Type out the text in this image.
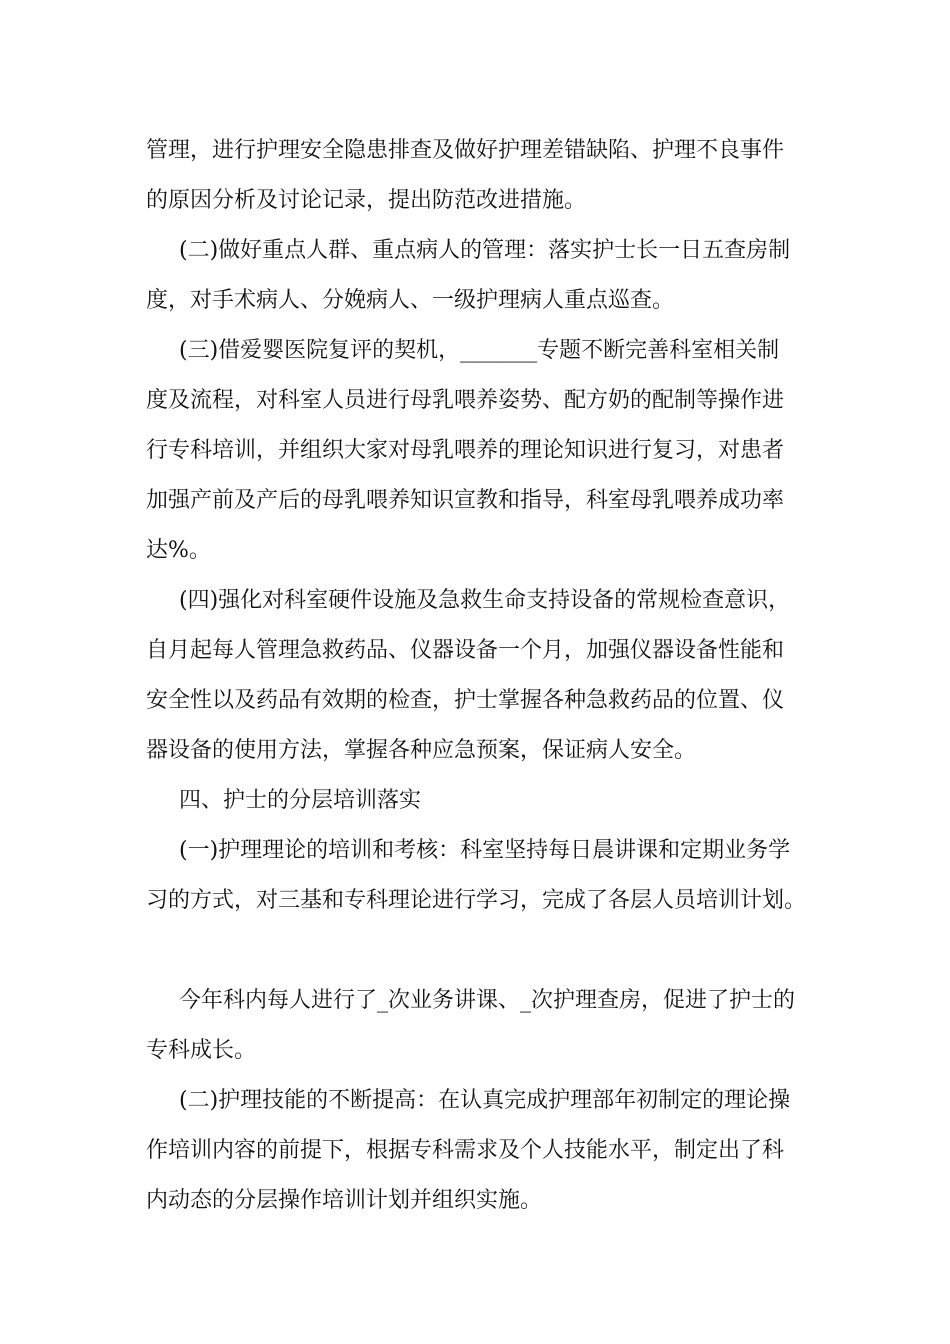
管理，进行护理安全隐患排查及做好护理差错缺陷、护理不良事件

的原因分析及讨论记录，提出防范改进措施。

(二)做好重点人群、重点病人的管理：落实护士长一日五查房制

度，对手术病人、分娩病人、一级护理病人重点巡查。

(三)借爱婴医院复评的契机，_______专题不断完善科室相关制

度及流程，对科室人员进行母乳喂养姿势、配方奶的配制等操作进

行专科培训，并组织大家对母乳喂养的理论知识进行复习，对患者

加强产前及产后的母乳喂养知识宣教和指导，科室母乳喂养成功率

达%。

(四)强化对科室硬件设施及急救生命支持设备的常规检查意识，

自月起每人管理急救药品、仪器设备一个月，加强仪器设备性能和

安全性以及药品有效期的检查，护士掌握各种急救药品的位置、仪

器设备的使用方法，掌握各种应急预案，保证病人安全。

四、护士的分层培训落实

(一)护理理论的培训和考核：科室坚持每日晨讲课和定期业务学

习的方式，对三基和专科理论进行学习，完成了各层人员培训计划。

今年科内每人进行了_次业务讲课、_次护理查房，促进了护士的

专科成长。

(二)护理技能的不断提高：在认真完成护理部年初制定的理论操

作培训内容的前提下，根据专科需求及个人技能水平，制定出了科

内动态的分层操作培训计划并组织实施。
